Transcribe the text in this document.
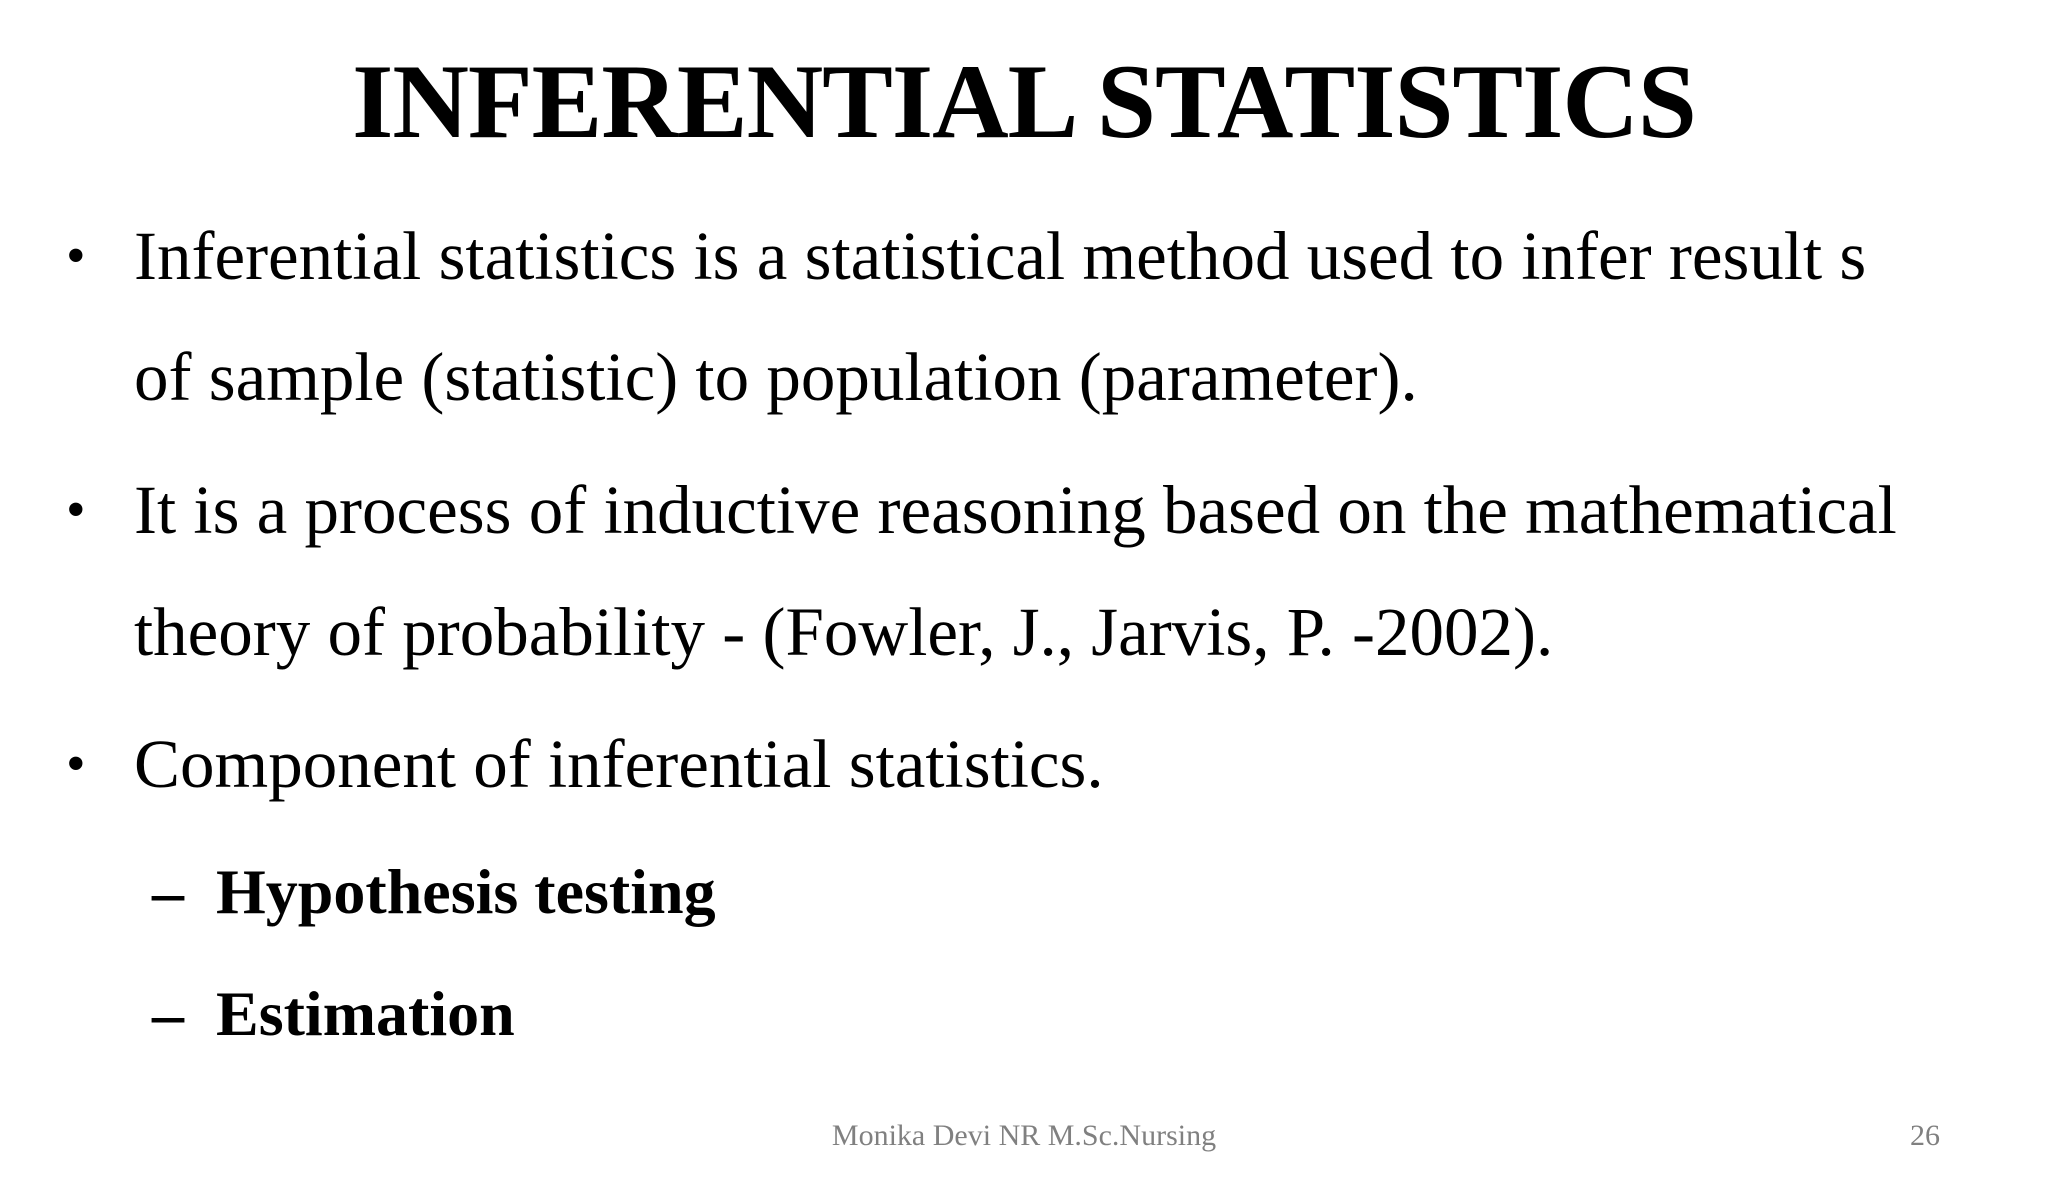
INFERENTIAL STATISTICS
• Inferential statistics is a statistical method used to infer result s
of sample (statistic) to population (parameter).
• It is a process of inductive reasoning based on the mathematical
theory of probability - (Fowler, J., Jarvis, P. -2002).
• Component of inferential statistics.
– Hypothesis testing
– Estimation
Monika Devi NR M.Sc.Nursing	26
